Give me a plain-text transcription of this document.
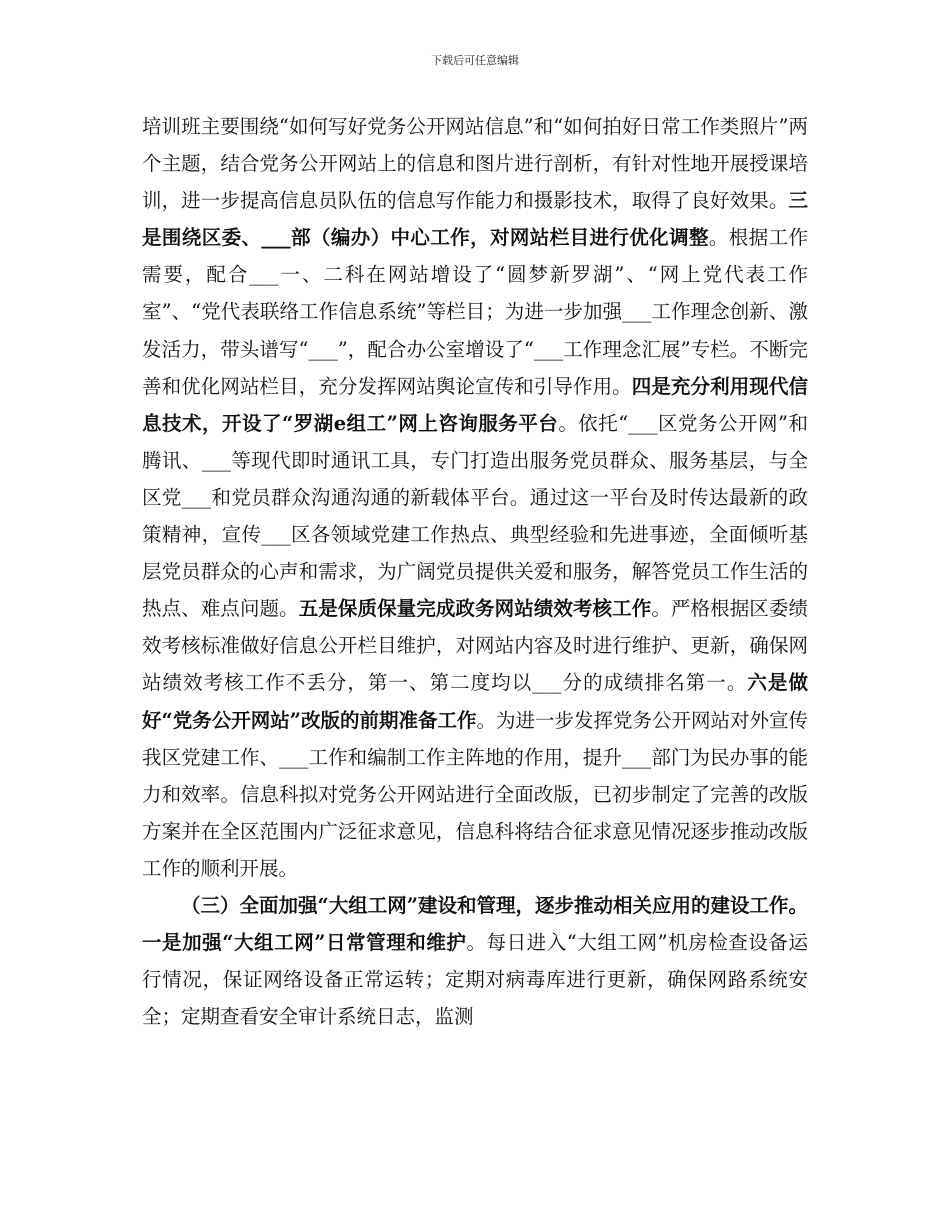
下载后可任意编辑

培训班主要围绕“如何写好党务公开网站信息”和“如何拍好日常工作类照片”两个主题，结合党务公开网站上的信息和图片进行剖析，有针对性地开展授课培训，进一步提高信息员队伍的信息写作能力和摄影技术，取得了良好效果。三是围绕区委、___部（编办）中心工作，对网站栏目进行优化调整。根据工作需要，配合___一、二科在网站增设了“圆梦新罗湖”、“网上党代表工作室”、“党代表联络工作信息系统”等栏目；为进一步加强___工作理念创新、激发活力，带头谱写“___”，配合办公室增设了“___工作理念汇展”专栏。不断完善和优化网站栏目，充分发挥网站舆论宣传和引导作用。四是充分利用现代信息技术，开设了“罗湖e组工”网上咨询服务平台。依托“___区党务公开网”和腾讯、___等现代即时通讯工具，专门打造出服务党员群众、服务基层，与全区党___和党员群众沟通沟通的新载体平台。通过这一平台及时传达最新的政策精神，宣传___区各领域党建工作热点、典型经验和先进事迹，全面倾听基层党员群众的心声和需求，为广阔党员提供关爱和服务，解答党员工作生活的热点、难点问题。五是保质保量完成政务网站绩效考核工作。严格根据区委绩效考核标准做好信息公开栏目维护，对网站内容及时进行维护、更新，确保网站绩效考核工作不丢分，第一、第二度均以___分的成绩排名第一。六是做好“党务公开网站”改版的前期准备工作。为进一步发挥党务公开网站对外宣传我区党建工作、___工作和编制工作主阵地的作用，提升___部门为民办事的能力和效率。信息科拟对党务公开网站进行全面改版，已初步制定了完善的改版方案并在全区范围内广泛征求意见，信息科将结合征求意见情况逐步推动改版工作的顺利开展。

（三）全面加强“大组工网”建设和管理，逐步推动相关应用的建设工作。一是加强“大组工网”日常管理和维护。每日进入“大组工网”机房检查设备运行情况，保证网络设备正常运转；定期对病毒库进行更新，确保网路系统安全；定期查看安全审计系统日志，监测
